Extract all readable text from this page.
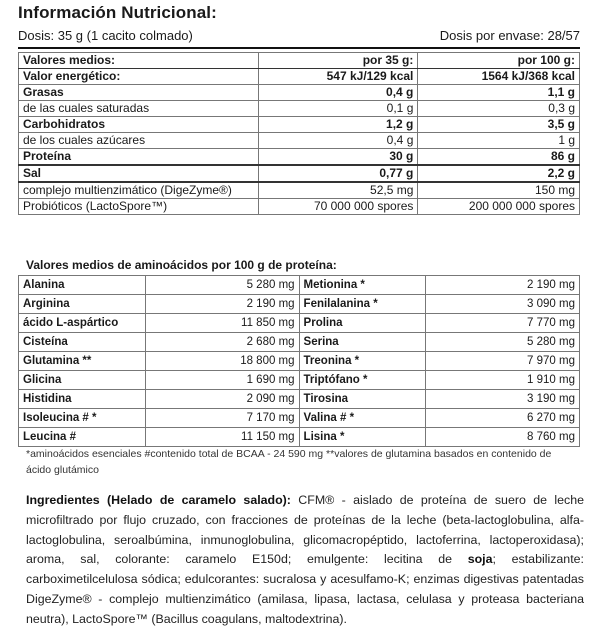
Información Nutricional:
Dosis: 35 g (1 cacito colmado)	Dosis por envase: 28/57
Valores medios:	por 35 g:	por 100 g:
Valor energético:	547 kJ/129 kcal	1564 kJ/368 kcal
Grasas	0,4 g	1,1 g
de las cuales saturadas	0,1 g	0,3 g
Carbohidratos	1,2 g	3,5 g
de los cuales azúcares	0,4 g	1 g
Proteína	30 g	86 g
Sal	0,77 g	2,2 g
complejo multienzimático (DigeZyme®)	52,5 mg	150 mg
Probióticos (LactoSpore™)	70 000 000 spores	200 000 000 spores
Valores medios de aminoácidos por 100 g de proteína:
Alanina	5 280 mg	Metionina *	2 190 mg
Arginina	2 190 mg	Fenilalanina *	3 090 mg
ácido L-aspártico	11 850 mg	Prolina	7 770 mg
Cisteína	2 680 mg	Serina	5 280 mg
Glutamina **	18 800 mg	Treonina *	7 970 mg
Glicina	1 690 mg	Triptófano *	1 910 mg
Histidina	2 090 mg	Tirosina	3 190 mg
Isoleucina # *	7 170 mg	Valina # *	6 270 mg
Leucina #	11 150 mg	Lisina *	8 760 mg
*aminoácidos esenciales #contenido total de BCAA - 24 590 mg **valores de glutamina basados en contenido de ácido glutámico
Ingredientes (Helado de caramelo salado): CFM® - aislado de proteína de suero de leche microfiltrado por flujo cruzado, con fracciones de proteínas de la leche (beta-lactoglobulina, alfa-lactoglobulina, seroalbúmina, inmunoglobulina, glicomacropéptido, lactoferrina, lactoperoxidasa); aroma, sal, colorante: caramelo E150d; emulgente: lecitina de soja; estabilizante: carboximetilcelulosa sódica; edulcorantes: sucralosa y acesulfamo-K; enzimas digestivas patentadas DigeZyme® - complejo multienzimático (amilasa, lipasa, lactasa, celulasa y proteasa bacteriana neutra), LactoSpore™ (Bacillus coagulans, maltodextrina).
